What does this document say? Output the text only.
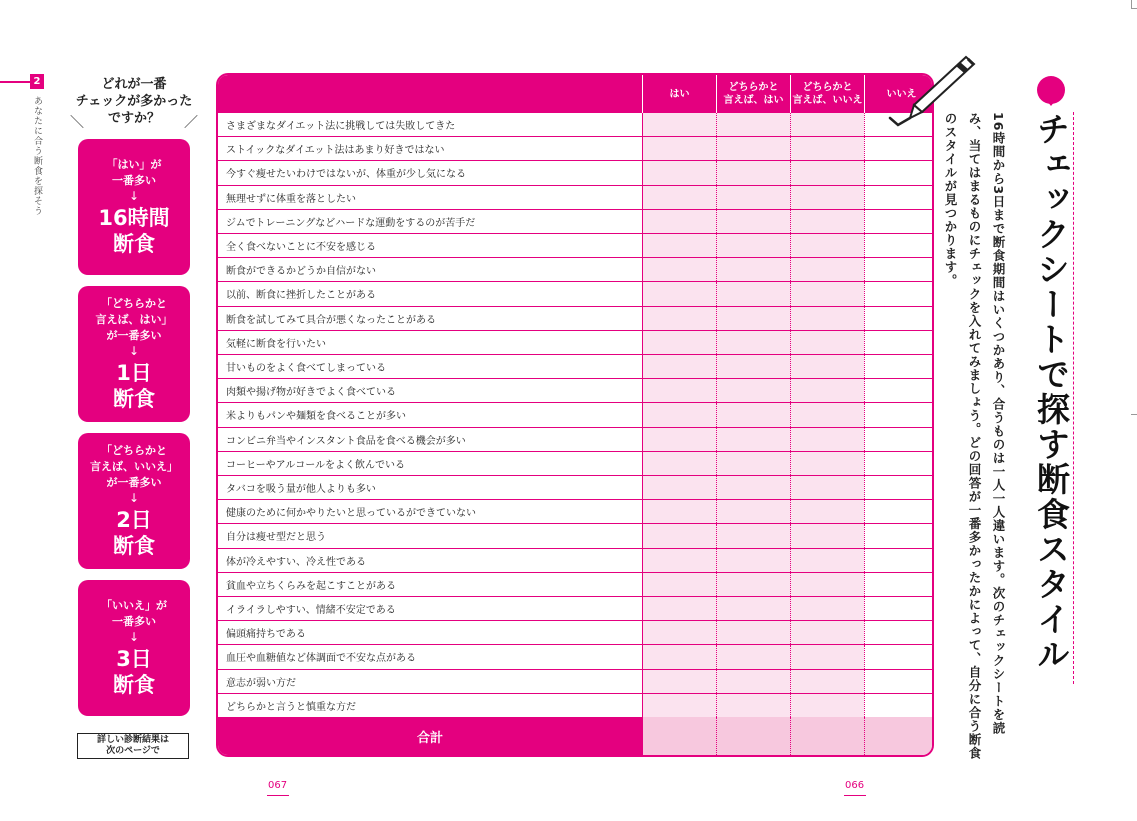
2
あなたに合う断食を探そう
どれが一番
チェックが多かった
ですか？
＼	／
「はい」が
一番多い
↓
16時間
断食
「どちらかと
言えば、はい」
が一番多い
↓
1日
断食
「どちらかと
言えば、いいえ」
が一番多い
↓
2日
断食
「いいえ」が
一番多い
↓
3日
断食
詳しい診断結果は
次のページで
はい
どちらかと
言えば、はい
どちらかと
言えば、いいえ
いいえ
さまざまなダイエット法に挑戦しては失敗してきた
ストイックなダイエット法はあまり好きではない
今すぐ痩せたいわけではないが、体重が少し気になる
無理せずに体重を落としたい
ジムでトレーニングなどハードな運動をするのが苦手だ
全く食べないことに不安を感じる
断食ができるかどうか自信がない
以前、断食に挫折したことがある
断食を試してみて具合が悪くなったことがある
気軽に断食を行いたい
甘いものをよく食べてしまっている
肉類や揚げ物が好きでよく食べている
米よりもパンや麺類を食べることが多い
コンビニ弁当やインスタント食品を食べる機会が多い
コーヒーやアルコールをよく飲んでいる
タバコを吸う量が他人よりも多い
健康のために何かやりたいと思っているができていない
自分は痩せ型だと思う
体が冷えやすい、冷え性である
貧血や立ちくらみを起こすことがある
イライラしやすい、情緒不安定である
偏頭痛持ちである
血圧や血糖値など体調面で不安な点がある
意志が弱い方だ
どちらかと言うと慎重な方だ
合計
チェックシートで探す断食スタイル
16時間から3日まで断食期間はいくつかあり、合うものは一人一人違います。次のチェックシートを読み、当てはまるものにチェックを入れてみましょう。どの回答が一番多かったかによって、自分に合う断食のスタイルが見つかります。
067	066
